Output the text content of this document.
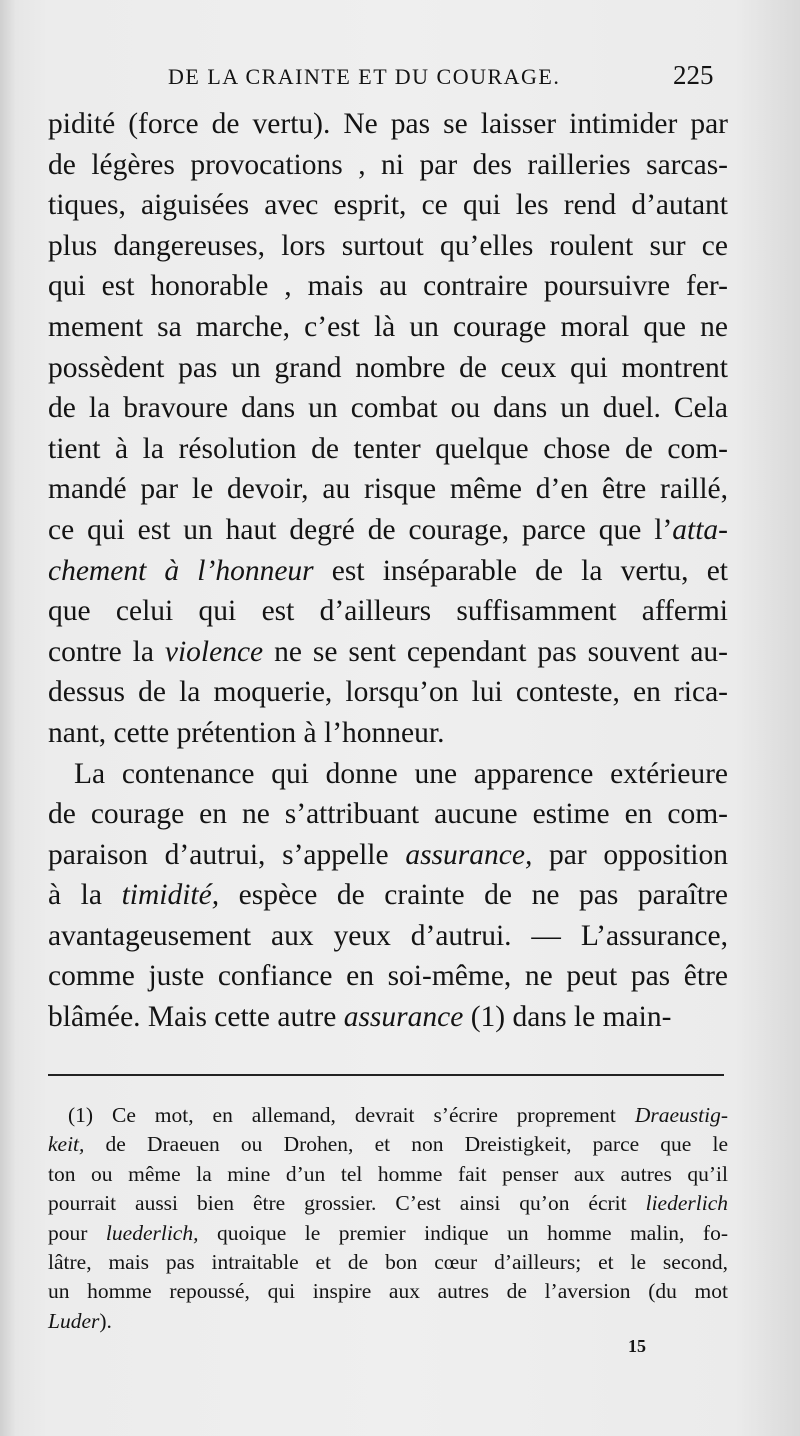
DE LA CRAINTE ET DU COURAGE.	225
pidité (force de vertu). Ne pas se laisser intimider par
de légères provocations , ni par des railleries sarcas-
tiques, aiguisées avec esprit, ce qui les rend d’autant
plus dangereuses, lors surtout qu’elles roulent sur ce
qui est honorable , mais au contraire poursuivre fer-
mement sa marche, c’est là un courage moral que ne
possèdent pas un grand nombre de ceux qui montrent
de la bravoure dans un combat ou dans un duel. Cela
tient à la résolution de tenter quelque chose de com-
mandé par le devoir, au risque même d’en être raillé,
ce qui est un haut degré de courage, parce que l’atta-
chement à l’honneur est inséparable de la vertu, et
que celui qui est d’ailleurs suffisamment affermi
contre la violence ne se sent cependant pas souvent au-
dessus de la moquerie, lorsqu’on lui conteste, en rica-
nant, cette prétention à l’honneur.
La contenance qui donne une apparence extérieure
de courage en ne s’attribuant aucune estime en com-
paraison d’autrui, s’appelle assurance, par opposition
à la timidité, espèce de crainte de ne pas paraître
avantageusement aux yeux d’autrui. — L’assurance,
comme juste confiance en soi-même, ne peut pas être
blâmée. Mais cette autre assurance (1) dans le main-
(1) Ce mot, en allemand, devrait s’écrire proprement Draeustig-
keit, de Draeuen ou Drohen, et non Dreistigkeit, parce que le
ton ou même la mine d’un tel homme fait penser aux autres qu’il
pourrait aussi bien être grossier. C’est ainsi qu’on écrit liederlich
pour luederlich, quoique le premier indique un homme malin, fo-
lâtre, mais pas intraitable et de bon cœur d’ailleurs; et le second,
un homme repoussé, qui inspire aux autres de l’aversion (du mot
Luder).
15
